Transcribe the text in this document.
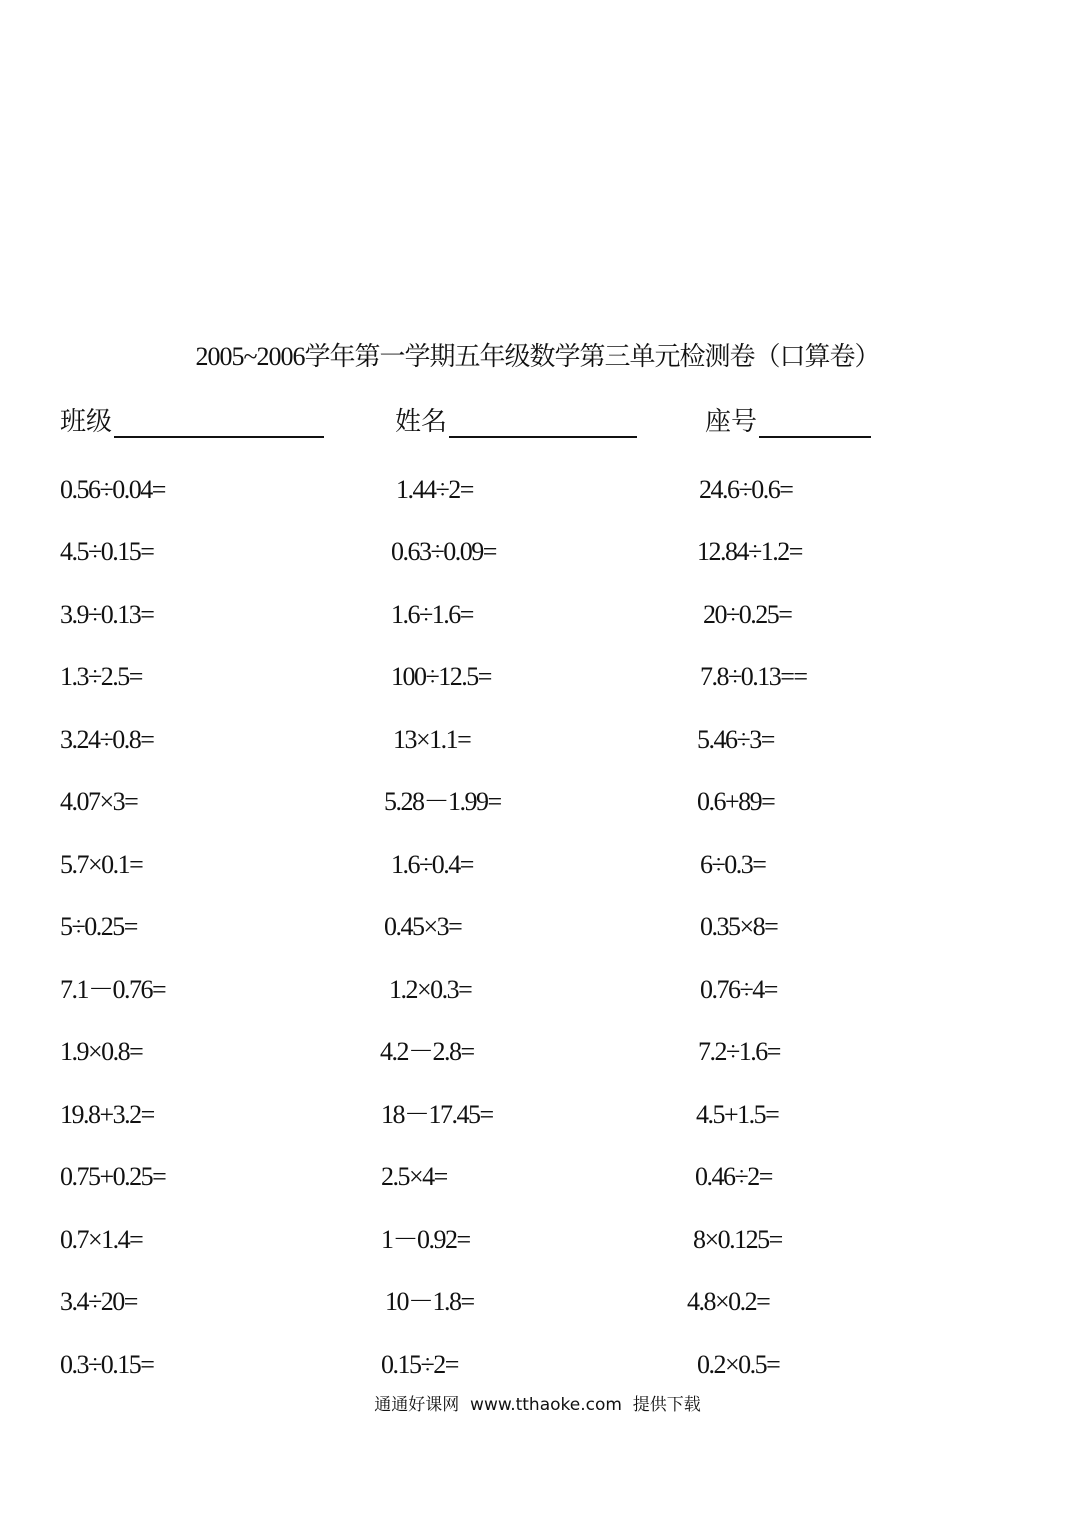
2005~2006学年第一学期五年级数学第三单元检测卷（口算卷）
班级	姓名	座号
0.56÷0.04=
4.5÷0.15=
3.9÷0.13=
1.3÷2.5=
3.24÷0.8=
4.07×3=
5.7×0.1=
5÷0.25=
7.1－0.76=
1.9×0.8=
19.8+3.2=
0.75+0.25=
0.7×1.4=
3.4÷20=
0.3÷0.15=
1.44÷2=
0.63÷0.09=
1.6÷1.6=
100÷12.5=
13×1.1=
5.28－1.99=
1.6÷0.4=
0.45×3=
1.2×0.3=
4.2－2.8=
18－17.45=
2.5×4=
1－0.92=
10－1.8=
0.15÷2=
24.6÷0.6=
12.84÷1.2=
20÷0.25=
7.8÷0.13==
5.46÷3=
0.6+89=
6÷0.3=
0.35×8=
0.76÷4=
7.2÷1.6=
4.5+1.5=
0.46÷2=
8×0.125=
4.8×0.2=
0.2×0.5=
通通好课网  www.tthaoke.com  提供下载
